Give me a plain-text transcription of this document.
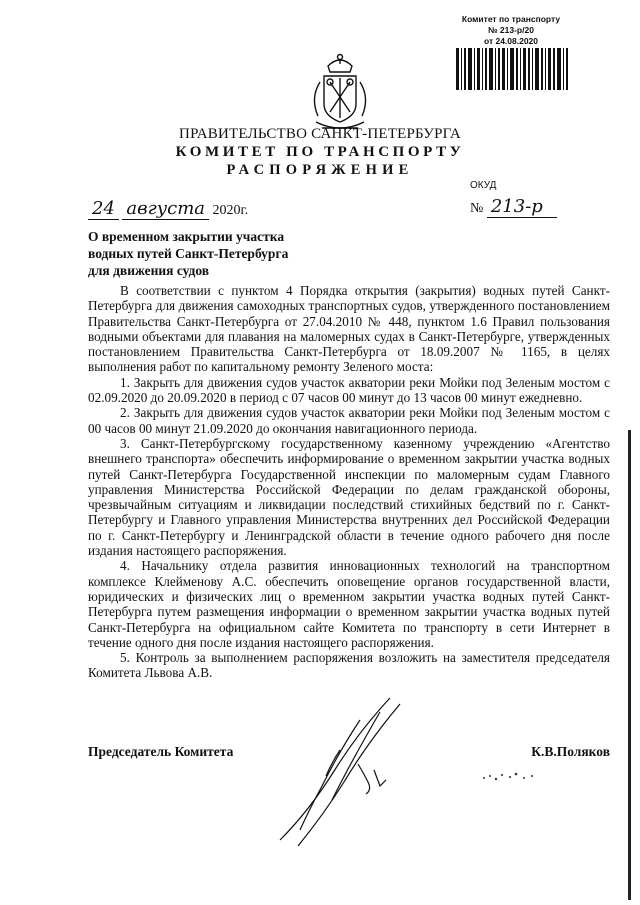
Комитет по транспорту
№ 213-р/20
от 24.08.2020
ПРАВИТЕЛЬСТВО САНКТ-ПЕТЕРБУРГА
КОМИТЕТ ПО ТРАНСПОРТУ
РАСПОРЯЖЕНИЕ
ОКУД
24 августа 2020г.	№ 213-р
О временном закрытии участка
водных путей Санкт-Петербурга
для движения судов

В соответствии с пунктом 4 Порядка открытия (закрытия) водных путей Санкт-Петербурга для движения самоходных транспортных судов, утвержденного постановлением Правительства Санкт-Петербурга от 27.04.2010 № 448, пунктом 1.6 Правил пользования водными объектами для плавания на маломерных судах в Санкт-Петербурге, утвержденных постановлением Правительства Санкт-Петербурга от 18.09.2007 № 1165, в целях выполнения работ по капитальному ремонту Зеленого моста:

1. Закрыть для движения судов участок акватории реки Мойки под Зеленым мостом с 02.09.2020 до 20.09.2020 в период с 07 часов 00 минут до 13 часов 00 минут ежедневно.

2. Закрыть для движения судов участок акватории реки Мойки под Зеленым мостом с 00 часов 00 минут 21.09.2020 до окончания навигационного периода.

3. Санкт-Петербургскому государственному казенному учреждению «Агентство внешнего транспорта» обеспечить информирование о временном закрытии участка водных путей Санкт-Петербурга Государственной инспекции по маломерным судам Главного управления Министерства Российской Федерации по делам гражданской обороны, чрезвычайным ситуациям и ликвидации последствий стихийных бедствий по г. Санкт-Петербургу и Главного управления Министерства внутренних дел Российской Федерации по г. Санкт-Петербургу и Ленинградской области в течение одного рабочего дня после издания настоящего распоряжения.

4. Начальнику отдела развития инновационных технологий на транспортном комплексе Клейменову А.С. обеспечить оповещение органов государственной власти, юридических и физических лиц о временном закрытии участка водных путей Санкт-Петербурга путем размещения информации о временном закрытии участка водных путей Санкт-Петербурга на официальном сайте Комитета по транспорту в сети Интернет в течение одного дня после издания настоящего распоряжения.

5. Контроль за выполнением распоряжения возложить на заместителя председателя Комитета Львова А.В.

Председатель Комитета	К.В.Поляков
